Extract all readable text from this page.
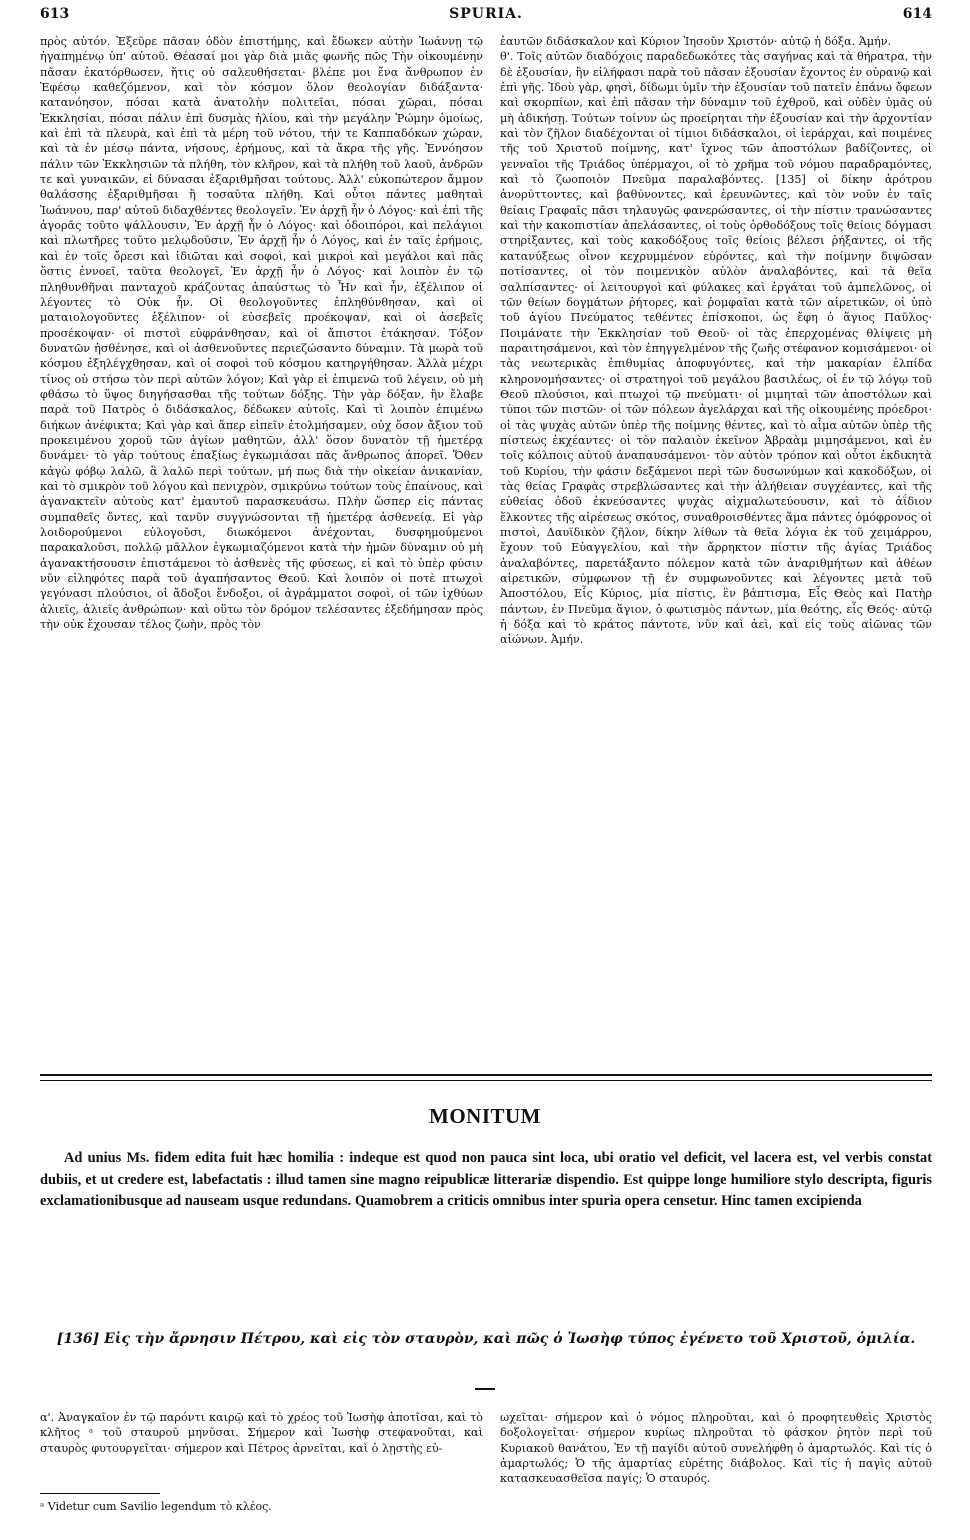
613	SPURIA.	614
πρὸς αὐτόν. Ἐξεῦρε πᾶσαν ὁδὸν ἐπιστήμης, καὶ ἔδωκεν αὐτὴν Ἰωάννῃ τῷ ἠγαπημένῳ ὑπ' αὐτοῦ. Θέασαί μοι γὰρ διὰ μιᾶς φωνῆς πῶς Τὴν οἰκουμένην πᾶσαν ἐκατόρθωσεν, ἥτις οὐ σαλευθήσεται· βλέπε μοι ἕνα ἄνθρωπον ἐν Ἐφέσῳ καθεζόμενον, καὶ τὸν κόσμον ὅλον θεολογίαν διδάξαντα· κατανόησον, πόσαι κατὰ ἀνατολὴν πολιτεῖαι, πόσαι χῶραι, πόσαι Ἐκκλησίαι, πόσαι πάλιν ἐπὶ δυσμὰς ἡλίου, καὶ τὴν μεγάλην Ῥώμην ὁμοίως, καὶ ἐπὶ τὰ πλευρὰ, καὶ ἐπὶ τὰ μέρη τοῦ νότου, τήν τε Καππαδόκων χώραν, καὶ τὰ ἐν μέσῳ πάντα, νήσους, ἐρήμους, καὶ τὰ ἄκρα τῆς γῆς. Ἐννόησον πάλιν τῶν Ἐκκλησιῶν τὰ πλήθη, τὸν κλῆρον, καὶ τὰ πλήθη τοῦ λαοῦ, ἀνδρῶν τε καὶ γυναικῶν, εἰ δύνασαι ἐξαριθμῆσαι τούτους. Ἀλλ' εὐκοπώτερον ἄμμον θαλάσσης ἐξαριθμῆσαι ἢ τοσαῦτα πλήθη. Καὶ οὗτοι πάντες μαθηταὶ Ἰωάννου, παρ' αὐτοῦ διδαχθέντες θεολογεῖν. Ἐν ἀρχῇ ἦν ὁ Λόγος· καὶ ἐπὶ τῆς ἀγορᾶς τοῦτο ψάλλουσιν, Ἐν ἀρχῇ ἦν ὁ Λόγος· καὶ ὁδοιπόροι, καὶ πελάγιοι καὶ πλωτῆρες τοῦτο μελῳδοῦσιν, Ἐν ἀρχῇ ἦν ὁ Λόγος, καὶ ἐν ταῖς ἐρήμοις, καὶ ἐν τοῖς ὄρεσι καὶ ἰδιῶται καὶ σοφοὶ, καὶ μικροὶ καὶ μεγάλοι καὶ πᾶς ὅστις ἐννοεῖ, ταῦτα θεολογεῖ, Ἐν ἀρχῇ ἦν ὁ Λόγος· καὶ λοιπὸν ἐν τῷ πληθυνθῆναι πανταχοῦ κράζοντας ἁπαύστως τὸ Ἦν καὶ ἦν, ἐξέλιπον οἱ λέγοντες τὸ Οὐκ ἦν. Οἱ θεολογοῦντες ἐπληθύνθησαν, καὶ οἱ ματαιολογοῦντες ἐξέλιπον· οἱ εὐσεβεῖς προέκοψαν, καὶ οἱ ἀσεβεῖς προσέκοψαν· οἱ πιστοὶ εὐφράνθησαν, καὶ οἱ ἄπιστοι ἐτάκησαν. Τόξον δυνατῶν ἠσθένησε, καὶ οἱ ἀσθενοῦντες περιεζώσαντο δύναμιν. Τὰ μωρὰ τοῦ κόσμου ἐξηλέγχθησαν, καὶ οἱ σοφοὶ τοῦ κόσμου κατηργήθησαν. Ἀλλὰ μέχρι τίνος οὐ στήσω τὸν περὶ αὐτῶν λόγον; Καὶ γὰρ εἰ ἐπιμενῶ τοῦ λέγειν, οὐ μὴ φθάσω τὸ ὕψος διηγήσασθαι τῆς τούτων δόξης. Τὴν γὰρ δόξαν, ἣν ἔλαβε παρὰ τοῦ Πατρὸς ὁ διδάσκαλος, δέδωκεν αὐτοῖς. Καὶ τὶ λοιπὸν ἐπιμένω διήκων ἀνέφικτα; Καὶ γὰρ καὶ ἅπερ εἰπεῖν ἐτολμήσαμεν, οὐχ ὅσον ἄξιον τοῦ προκειμένου χοροῦ τῶν ἁγίων μαθητῶν, ἀλλ' ὅσον δυνατὸν τῇ ἡμετέρᾳ δυνάμει· τὸ γὰρ τούτους ἐπαξίως ἐγκωμιάσαι πᾶς ἄνθρωπος ἀπορεῖ. Ὅθεν κἀγὼ φόβῳ λαλῶ, ἃ λαλῶ περὶ τούτων, μή πως διὰ τὴν οἰκείαν ἀνικανίαν, καὶ τὸ σμικρὸν τοῦ λόγου καὶ πενιχρὸν, σμικρύνω τούτων τοὺς ἐπαίνους, καὶ ἀγανακτεῖν αὐτοὺς κατ' ἐμαυτοῦ παρασκευάσω. Πλὴν ὥσπερ εἰς πάντας συμπαθεῖς ὄντες, καὶ τανῦν συγγνώσονται τῇ ἡμετέρᾳ ἀσθενείᾳ. Εἰ γὰρ λοιδορούμενοι εὐλογοῦσι, διωκόμενοι ἀνέχονται, δυσφημούμενοι παρακαλοῦσι, πολλῷ μᾶλλον ἐγκωμιαζόμενοι κατὰ τὴν ἡμῶν δύναμιν οὐ μὴ ἀγανακτήσουσιν ἐπιστάμενοι τὸ ἀσθενὲς τῆς φύσεως, εἰ καὶ τὸ ὑπὲρ φύσιν νῦν εἰληφότες παρὰ τοῦ ἀγαπήσαντος Θεοῦ. Καὶ λοιπὸν οἱ ποτὲ πτωχοὶ γεγόνασι πλούσιοι, οἱ ἄδοξοι ἔνδοξοι, οἱ ἀγράμματοι σοφοὶ, οἱ τῶν ἰχθύων ἁλιεῖς, ἁλιεῖς ἀνθρώπων· καὶ οὕτω τὸν δρόμον τελέσαντες ἐξεδήμησαν πρὸς τὴν οὐκ ἔχουσαν τέλος ζωὴν, πρὸς τὸν
ἑαυτῶν διδάσκαλον καὶ Κύριον Ἰησοῦν Χριστόν· αὐτῷ ἡ δόξα. Ἀμήν.
θ'. Τοῖς αὐτῶν διαδόχοις παραδεδωκότες τὰς σαγήνας καὶ τὰ θήρατρα, τὴν δὲ ἐξουσίαν, ἣν εἰλήφασι παρὰ τοῦ πᾶσαν ἐξουσίαν ἔχοντος ἐν οὐρανῷ καὶ ἐπὶ γῆς. Ἰδοὺ γὰρ, φησὶ, δίδωμι ὑμῖν τὴν ἐξουσίαν τοῦ πατεῖν ἐπάνω ὄφεων καὶ σκορπίων, καὶ ἐπὶ πᾶσαν τὴν δύναμιν τοῦ ἐχθροῦ, καὶ οὐδὲν ὑμᾶς οὐ μὴ ἀδικήσῃ. Τούτων τοίνυν ὡς προείρηται τὴν ἐξουσίαν καὶ τὴν ἀρχοντίαν καὶ τὸν ζῆλον διαδέχονται οἱ τίμιοι διδάσκαλοι, οἱ ἱεράρχαι, καὶ ποιμένες τῆς τοῦ Χριστοῦ ποίμνης, κατ' ἴχνος τῶν ἀποστόλων βαδίζοντες, οἱ γενναῖοι τῆς Τριάδος ὑπέρμαχοι, οἱ τὸ χρῆμα τοῦ νόμου παραδραμόντες, καὶ τὸ ζωοποιὸν Πνεῦμα παραλαβόντες. [135] οἱ δίκην ἀρότρου ἀνορύττοντες, καὶ βαθύνοντες, καὶ ἐρευνῶντες, καὶ τὸν νοῦν ἐν ταῖς θείαις Γραφαῖς πᾶσι τηλαυγῶς φανερώσαντες, οἱ τὴν πίστιν τρανώσαντες καὶ τὴν κακοπιστίαν ἀπελάσαντες, οἱ τοὺς ὀρθοδόξους τοῖς θείοις δόγμασι στηρίξαντες, καὶ τοὺς κακοδόξους τοῖς θείοις βέλεσι ῥήξαντες, οἱ τῆς κατανύξεως οἶνον κεχρυμμένον εὑρόντες, καὶ τὴν ποίμνην διψῶσαν ποτίσαντες, οἱ τὸν ποιμενικὸν αὐλὸν ἀναλαβόντες, καὶ τὰ θεῖα σαλπίσαντες· οἱ λειτουργοὶ καὶ φύλακες καὶ ἐργάται τοῦ ἀμπελῶνος, οἱ τῶν θείων δογμάτων ῥήτορες, καὶ ῥομφαῖαι κατὰ τῶν αἱρετικῶν, οἱ ὑπὸ τοῦ ἁγίου Πνεύματος τεθέντες ἐπίσκοποι, ὡς ἔφη ὁ ἅγιος Παῦλος· Ποιμάνατε τὴν Ἐκκλησίαν τοῦ Θεοῦ· οἱ τὰς ἐπερχομένας θλίψεις μὴ παραιτησάμενοι, καὶ τὸν ἐπηγγελμένον τῆς ζωῆς στέφανον κομισάμενοι· οἱ τὰς νεωτερικὰς ἐπιθυμίας ἀποφυγόντες, καὶ τὴν μακαρίαν ἐλπίδα κληρονομήσαντες· οἱ στρατηγοὶ τοῦ μεγάλου βασιλέως, οἱ ἐν τῷ λόγῳ τοῦ Θεοῦ πλούσιοι, καὶ πτωχοὶ τῷ πνεύματι· οἱ μιμηταὶ τῶν ἀποστόλων καὶ τύποι τῶν πιστῶν· οἱ τῶν πόλεων ἀγελάρχαι καὶ τῆς οἰκουμένης πρόεδροι· οἱ τὰς ψυχὰς αὐτῶν ὑπὲρ τῆς ποίμνης θέντες, καὶ τὸ αἷμα αὐτῶν ὑπὲρ τῆς πίστεως ἐκχέαντες· οἱ τὸν παλαιὸν ἐκεῖνον Ἀβραὰμ μιμησάμενοι, καὶ ἐν τοῖς κόλποις αὐτοῦ ἀναπαυσάμενοι· τὸν αὐτὸν τρόπον καὶ οὗτοι ἐκδικητὰ τοῦ Κυρίου, τὴν φάσιν δεξάμενοι περὶ τῶν δυσωνύμων καὶ κακοδόξων, οἱ τὰς θείας Γραφὰς στρεβλώσαντες καὶ τὴν ἀλήθειαν συγχέαντες, καὶ τῆς εὐθείας ὁδοῦ ἐκνεύσαντες ψυχὰς αἰχμαλωτεύουσιν, καὶ τὸ ἀΐδιον ἕλκοντες τῆς αἱρέσεως σκότος, συναθροισθέντες ἅμα πάντες ὁμόφρονος οἱ πιστοὶ, Δαυϊδικὸν ζῆλον, δίκην λίθων τὰ θεῖα λόγια ἐκ τοῦ χειμάρρου, ἔχουν τοῦ Εὐαγγελίου, καὶ τὴν ἄρρηκτον πίστιν τῆς ἁγίας Τριάδος ἀναλαβόντες, παρετάξαντο πόλεμον κατὰ τῶν ἀναριθμήτων καὶ ἀθέων αἱρετικῶν, σύμφωνον τῇ ἐν συμφωνοῦντες καὶ λέγοντες μετὰ τοῦ Ἀποστόλου, Εἷς Κύριος, μία πίστις, ἓν βάπτισμα, Εἷς Θεὸς καὶ Πατὴρ πάντων, ἐν Πνεῦμα ἅγιον, ὁ φωτισμὸς πάντων, μία θεότης, εἷς Θεός· αὐτῷ ἡ δόξα καὶ τὸ κράτος πάντοτε, νῦν καὶ ἀεὶ, καὶ εἰς τοὺς αἰῶνας τῶν αἰώνων. Ἀμήν.
MONITUM
Ad unius Ms. fidem edita fuit hæc homilia : indeque est quod non pauca sint loca, ubi oratio vel deficit, vel lacera est, vel verbis constat dubiis, et ut credere est, labefactatis : illud tamen sine magno reipublicæ litterariæ dispendio. Est quippe longe humiliore stylo descripta, figuris exclamationibusque ad nauseam usque redundans. Quamobrem a criticis omnibus inter spuria opera censetur. Hinc tamen excipienda
[136] Εἰς τὴν ἄρνησιν Πέτρου, καὶ εἰς τὸν σταυρὸν, καὶ πῶς ὁ Ἰωσὴφ τύπος ἐγένετο τοῦ Χριστοῦ, ὁμιλία.
α'. Ἀναγκαῖον ἐν τῷ παρόντι καιρῷ καὶ τὸ χρέος τοῦ Ἰωσὴφ ἀποτῖσαι, καὶ τὸ κλῆτος ᵃ τοῦ σταυροῦ μηνῦσαι. Σήμερον καὶ Ἰωσὴφ στεφανοῦται, καὶ σταυρὸς φυτουργεῖται· σήμερον καὶ Πέτρος ἀρνεῖται, καὶ ὁ λῃστὴς εὐ-
ωχεῖται· σήμερον καὶ ὁ νόμος πληροῦται, καὶ ὁ προφητευθεὶς Χριστὸς δοξολογεῖται· σήμερον κυρίως πληροῦται τὸ φάσκον ῥητὸν περὶ τοῦ Κυριακοῦ θανάτου, Ἐν τῇ παγίδι αὐτοῦ συνελήφθη ὁ ἁμαρτωλός. Καὶ τίς ὁ ἁμαρτωλός; Ὁ τῆς ἁμαρτίας εὑρέτης διάβολος. Καὶ τίς ἡ παγὶς αὐτοῦ κατασκευασθεῖσα παγίς; Ὁ σταυρός.
ᵃ Videtur cum Savilio legendum τὸ κλέος.
